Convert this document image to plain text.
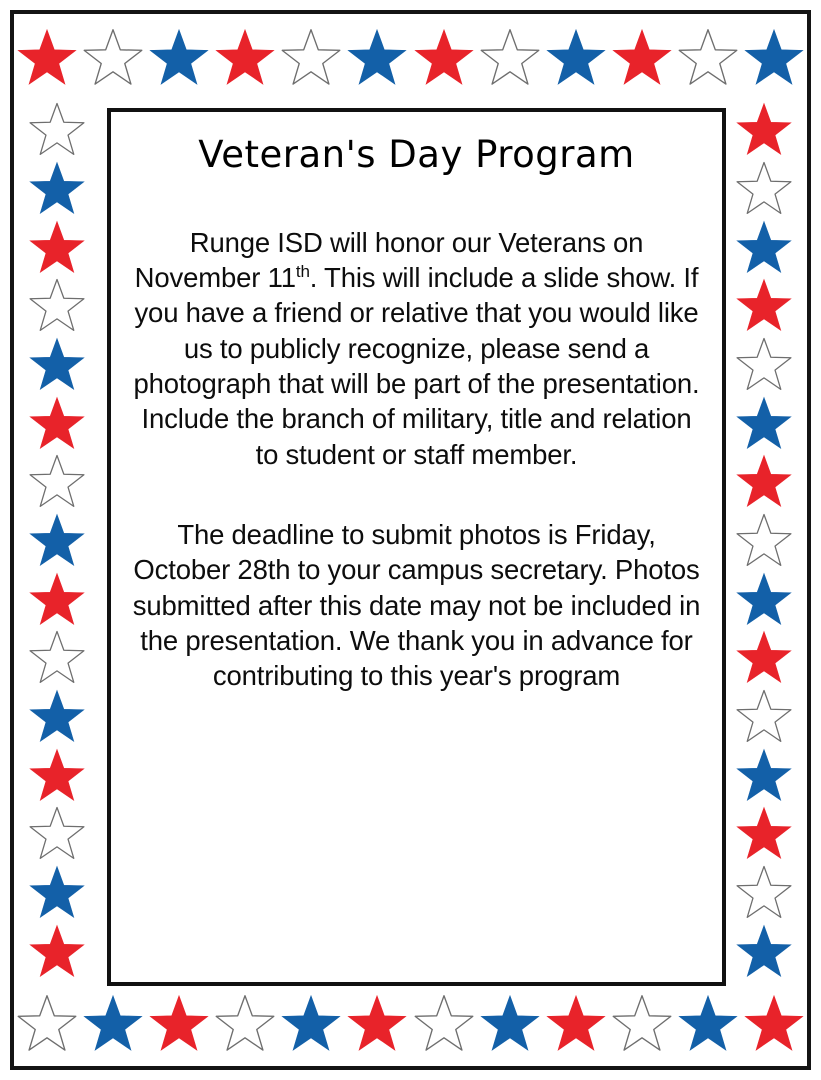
Veteran's Day Program

Runge ISD will honor our Veterans on November 11th. This will include a slide show. If you have a friend or relative that you would like us to publicly recognize, please send a photograph that will be part of the presentation. Include the branch of military, title and relation to student or staff member.

The deadline to submit photos is Friday, October 28th to your campus secretary. Photos submitted after this date may not be included in the presentation. We thank you in advance for contributing to this year's program
